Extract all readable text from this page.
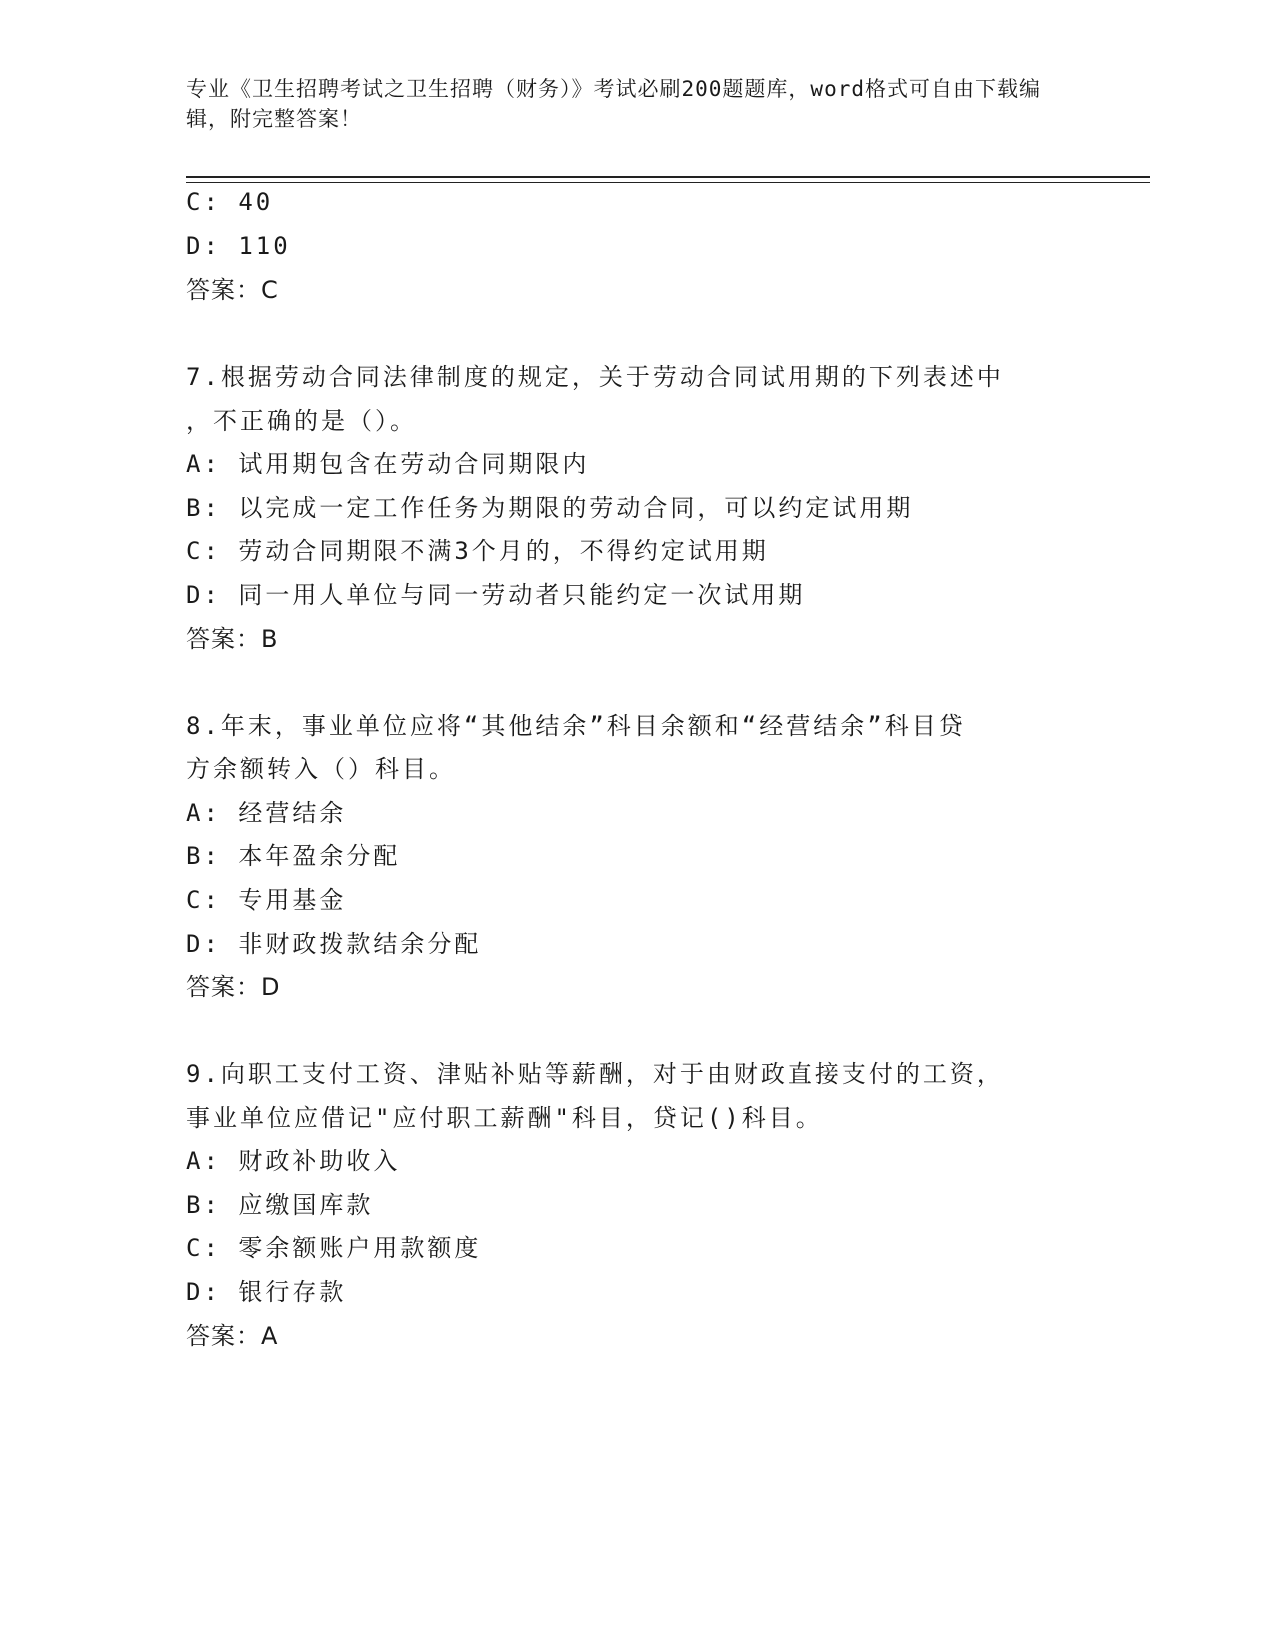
专业《卫生招聘考试之卫生招聘（财务）》考试必刷200题题库，word格式可自由下载编辑，附完整答案！
C: 40
D: 110
答案：C
7.根据劳动合同法律制度的规定，关于劳动合同试用期的下列表述中
，不正确的是（）。
A: 试用期包含在劳动合同期限内
B: 以完成一定工作任务为期限的劳动合同，可以约定试用期
C: 劳动合同期限不满3个月的，不得约定试用期
D: 同一用人单位与同一劳动者只能约定一次试用期
答案：B
8.年末，事业单位应将“其他结余”科目余额和“经营结余”科目贷
方余额转入（）科目。
A: 经营结余
B: 本年盈余分配
C: 专用基金
D: 非财政拨款结余分配
答案：D
9.向职工支付工资、津贴补贴等薪酬，对于由财政直接支付的工资，
事业单位应借记"应付职工薪酬"科目，贷记()科目。
A: 财政补助收入
B: 应缴国库款
C: 零余额账户用款额度
D: 银行存款
答案：A
